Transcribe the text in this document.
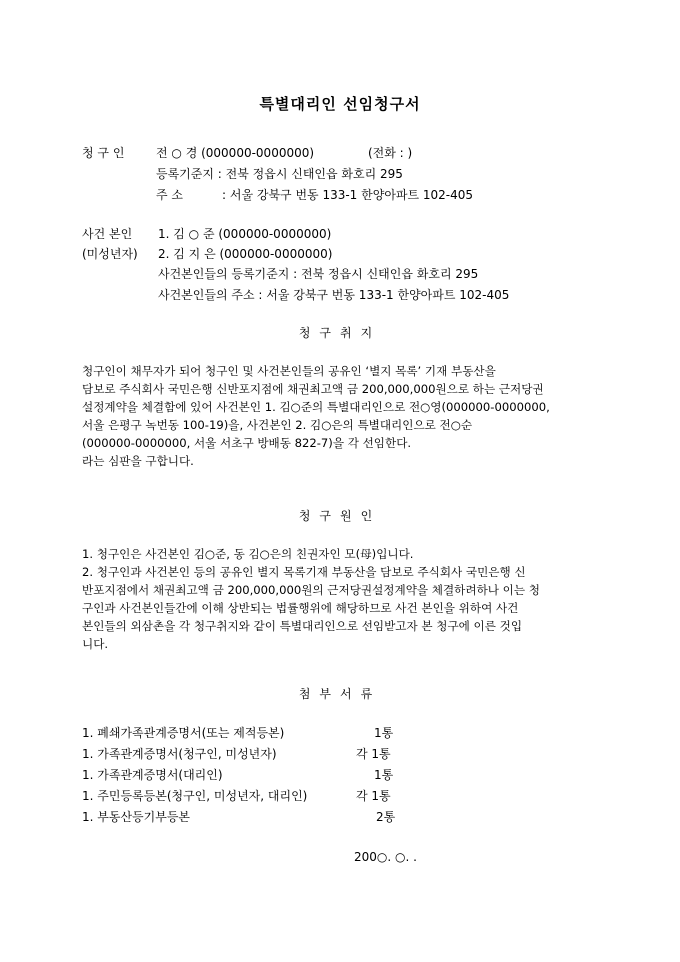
특별대리인 선임청구서
청 구 인	전 ○ 경 (000000-0000000)	(전화 : )
등록기준지 : 전북 정읍시 신태인읍 화호리 295
주 소	: 서울 강북구 번동 133-1 한양아파트 102-405
사건 본인
(미성년자)
1. 김 ○ 준 (000000-0000000)
2. 김 지 은 (000000-0000000)
사건본인들의 등록기준지 : 전북 정읍시 신태인읍 화호리 295
사건본인들의 주소 : 서울 강북구 번동 133-1 한양아파트 102-405
청구취지
청구인이 채무자가 되어 청구인 및 사건본인들의 공유인 ‘별지 목록’ 기재 부동산을
담보로 주식회사 국민은행 신반포지점에 채권최고액 금 200,000,000원으로 하는 근저당권
설정계약을 체결함에 있어 사건본인 1. 김○준의 특별대리인으로 전○영(000000-0000000,
서울 은평구 녹번동 100-19)을, 사건본인 2. 김○은의 특별대리인으로 전○순
(000000-0000000, 서울 서초구 방배동 822-7)을 각 선임한다.
라는 심판을 구합니다.
청구원인
1. 청구인은 사건본인 김○준, 동 김○은의 친권자인 모(母)입니다.
2. 청구인과 사건본인 등의 공유인 별지 목록기재 부동산을 담보로 주식회사 국민은행 신
반포지점에서 채권최고액 금 200,000,000원의 근저당권설정계약을 체결하려하나 이는 청
구인과 사건본인들간에 이해 상반되는 법률행위에 해당하므로 사건 본인을 위하여 사건
본인들의 외삼촌을 각 청구취지와 같이 특별대리인으로 선임받고자 본 청구에 이른 것입
니다.
첨부서류
1. 폐쇄가족관계증명서(또는 제적등본)	1통
1. 가족관계증명서(청구인, 미성년자)	각 1통
1. 가족관계증명서(대리인)	1통
1. 주민등록등본(청구인, 미성년자, 대리인)	각 1통
1. 부동산등기부등본	2통
200○. ○. .
